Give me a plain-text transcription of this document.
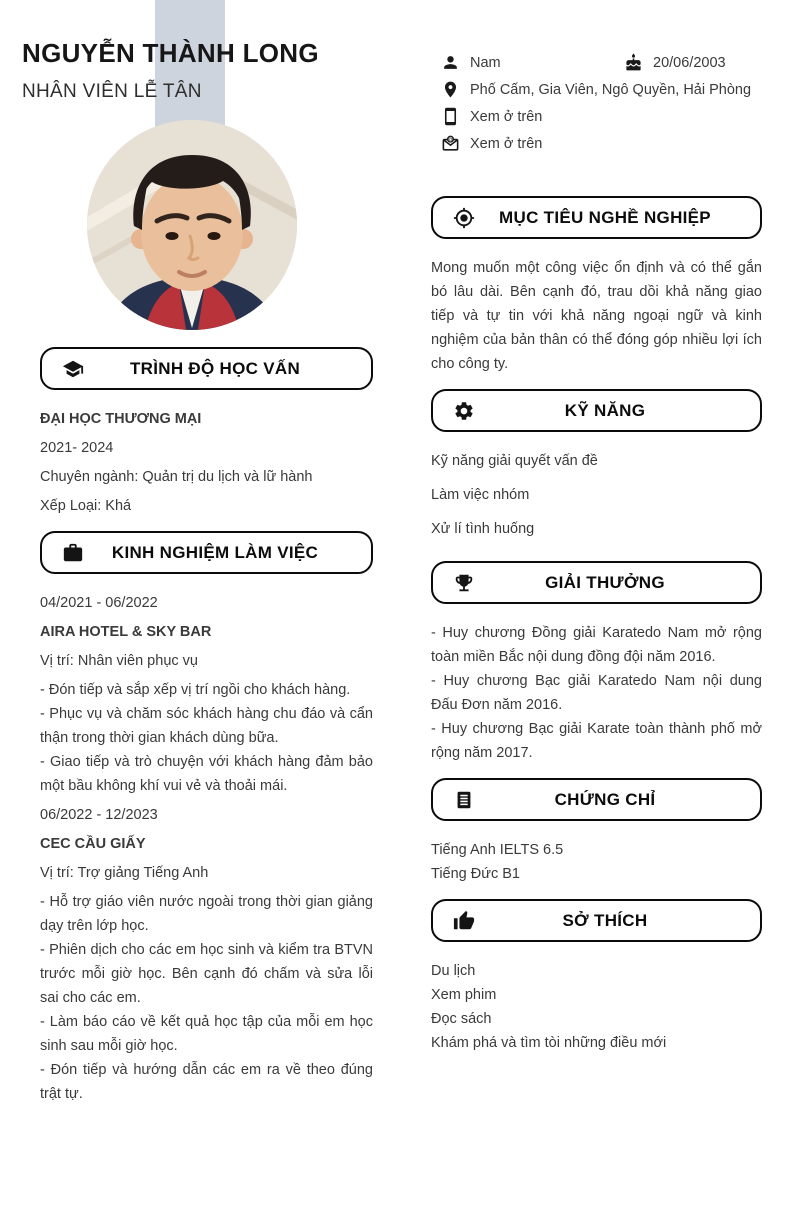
NGUYỄN THÀNH LONG
NHÂN VIÊN LỄ TÂN
Nam	20/06/2003
Phố Cấm, Gia Viên, Ngô Quyền, Hải Phòng
Xem ở trên
@ Xem ở trên
TRÌNH ĐỘ HỌC VẤN

ĐẠI HỌC THƯƠNG MẠI

2021- 2024

Chuyên ngành: Quản trị du lịch và lữ hành

Xếp Loại: Khá

KINH NGHIỆM LÀM VIỆC

04/2021 - 06/2022

AIRA HOTEL & SKY BAR

Vị trí: Nhân viên phục vụ

- Đón tiếp và sắp xếp vị trí ngồi cho khách hàng.

- Phục vụ và chăm sóc khách hàng chu đáo và cẩn thận trong thời gian khách dùng bữa.

- Giao tiếp và trò chuyện với khách hàng đảm bảo một bầu không khí vui vẻ và thoải mái.

06/2022 - 12/2023

CEC CẦU GIẤY

Vị trí: Trợ giảng Tiếng Anh

- Hỗ trợ giáo viên nước ngoài trong thời gian giảng dạy trên lớp học.

- Phiên dịch cho các em học sinh và kiểm tra BTVN trước mỗi giờ học. Bên cạnh đó chấm và sửa lỗi sai cho các em.

- Làm báo cáo về kết quả học tập của mỗi em học sinh sau mỗi giờ học.

- Đón tiếp và hướng dẫn các em ra về theo đúng trật tự.

MỤC TIÊU NGHỀ NGHIỆP

Mong muốn một công việc ổn định và có thể gắn bó lâu dài. Bên cạnh đó, trau dồi khả năng giao tiếp và tự tin với khả năng ngoại ngữ và kinh nghiệm của bản thân có thể đóng góp nhiều lợi ích cho công ty.

KỸ NĂNG

Kỹ năng giải quyết vấn đề

Làm việc nhóm

Xử lí tình huống

GIẢI THƯỞNG

- Huy chương Đồng giải Karatedo Nam mở rộng toàn miền Bắc nội dung đồng đội năm 2016.

- Huy chương Bạc giải Karatedo Nam nội dung Đấu Đơn năm 2016.

- Huy chương Bạc giải Karate toàn thành phố mở rộng năm 2017.

CHỨNG CHỈ

Tiếng Anh IELTS 6.5

Tiếng Đức B1

SỞ THÍCH

Du lịch

Xem phim

Đọc sách

Khám phá và tìm tòi những điều mới
